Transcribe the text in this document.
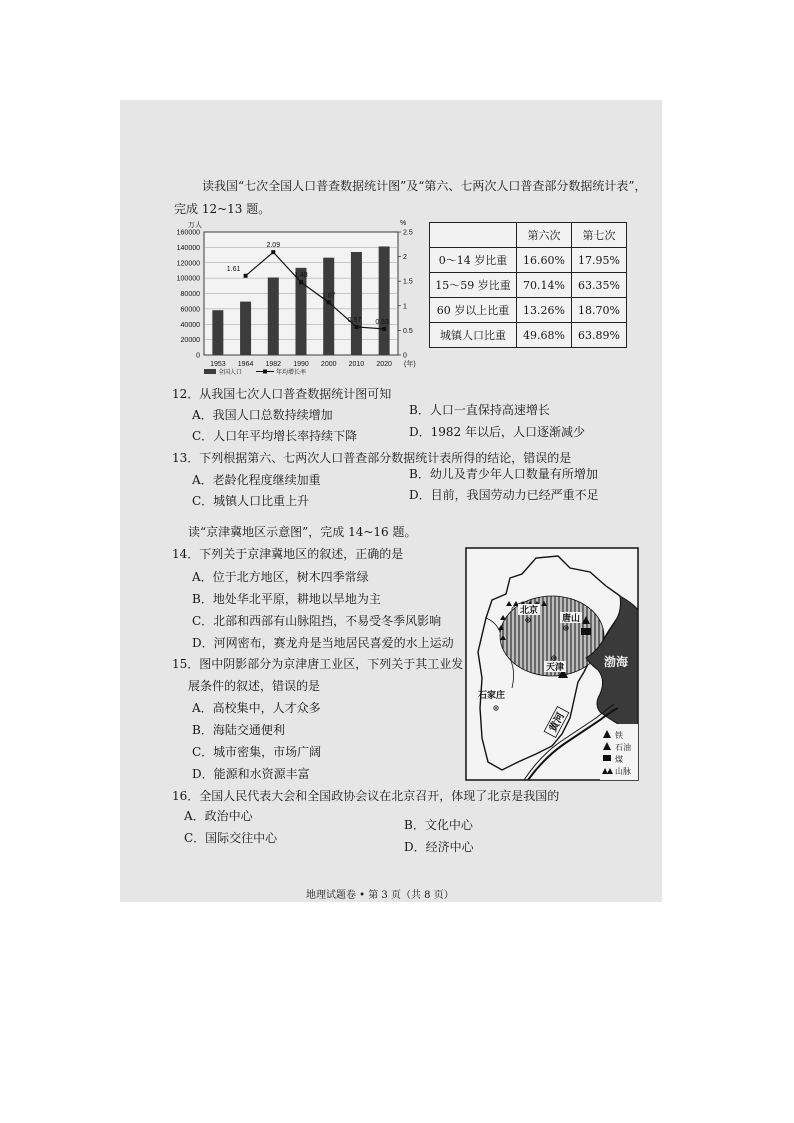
读我国“七次全国人口普查数据统计图”及“第六、七两次人口普查部分数据统计表”，
完成 12~13 题。
0
20000
40000
60000
80000
100000
120000
140000
160000
0
0.5
1
1.5
2
2.5
万人	%
1953 1964 1982 1990 2000 2010 2020 (年)
1.61
2.09
1.48
1.07
0.57 0.53
全国人口	年均增长率
	第六次	第七次
0～14 岁比重	16.60%	17.95%
15～59 岁比重	70.14%	63.35%
60 岁以上比重	13.26%	18.70%
城镇人口比重	49.68%	63.89%
12．从我国七次人口普查数据统计图可知
A．我国人口总数持续增加	B．人口一直保持高速增长
C．人口年平均增长率持续下降	D．1982 年以后，人口逐渐减少
13．下列根据第六、七两次人口普查部分数据统计表所得的结论，错误的是
A．老龄化程度继续加重	B．幼儿及青少年人口数量有所增加
C．城镇人口比重上升	D．目前，我国劳动力已经严重不足
读“京津冀地区示意图”，完成 14~16 题。
14．下列关于京津冀地区的叙述，正确的是
A．位于北方地区，树木四季常绿
B．地处华北平原，耕地以旱地为主
C．北部和西部有山脉阻挡，不易受冬季风影响
D．河网密布，赛龙舟是当地居民喜爱的水上运动
15．图中阴影部分为京津唐工业区，下列关于其工业发
展条件的叙述，错误的是
A．高校集中，人才众多
B．海陆交通便利
C．城市密集，市场广阔
D．能源和水资源丰富
北京
唐山
天津
石家庄
渤海
黄河
铁
石油
煤
山脉
16．全国人民代表大会和全国政协会议在北京召开，体现了北京是我国的
A．政治中心
B．文化中心
C．国际交往中心
D．经济中心
地理试题卷 • 第 3 页（共 8 页）
